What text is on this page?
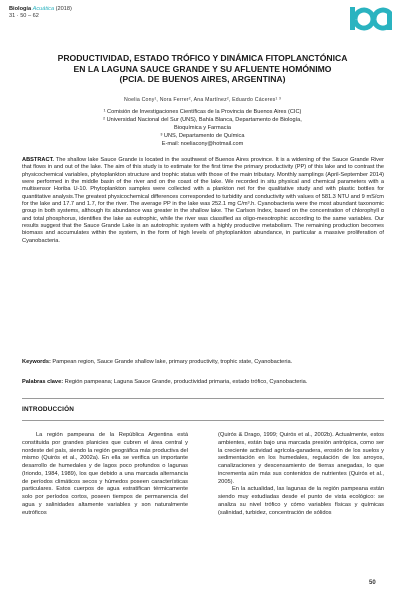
Biología Acuática (2018)
31 · 50 – 62
PRODUCTIVIDAD, ESTADO TRÓFICO Y DINÁMICA FITOPLANCTÓNICA
EN LA LAGUNA SAUCE GRANDE Y SU AFLUENTE HOMÓNIMO
(PCIA. DE BUENOS AIRES, ARGENTINA)
Noelia Cony¹, Nora Ferrer², Ana Martínez², Eduardo Cáceres¹ ³
¹ Comisión de Investigaciones Científicas de la Provincia de Buenos Aires (CIC)
² Universidad Nacional del Sur (UNS), Bahía Blanca, Departamento de Biología,
Bioquímica y Farmacia
³ UNS, Departamento de Química
E-mail: noeliacony@hotmail.com
ABSTRACT. The shallow lake Sauce Grande is located in the southwest of Buenos Aires province. It is a widening of the Sauce Grande River that flows in and out of the lake. The aim of this study is to estimate for the first time the primary productivity (PP) of this lake and to contrast the physicochemical variables, phytoplankton structure and trophic status with those of the main tributary. Monthly samplings (April-September 2014) were performed in the middle basin of the river and on the coast of the lake. We recorded in situ physical and chemical parameters with a multisensor Horiba U-10. Phytoplankton samples were collected with a plankton net for the qualitative study and with plastic bottles for quantitative analysis.The greatest physicochemical differences corresponded to turbidity and conductivity with values of 581.3 NTU and 9 mS/cm for the lake and 17.7 and 1.7, for the river. The average PP in the lake was 252.1 mg C/m³.h. Cyanobacteria were the most abundant taxonomic group in both systems, although its abundance was greater in the shallow lake. The Carlson Index, based on the concentration of chlorophyll α and total phosphorus, identifies the lake as eutrophic, while the river was classified as oligo-mesotrophic according to the same variables. Our results suggest that the Sauce Grande Lake is an autotrophic system with a highly productive metabolism. The remaining production becomes biomass and accumulates within the system, in the form of high levels of phytoplankton abundance, in particular a massive proliferation of Cyanobacteria.
Keywords: Pampean region, Sauce Grande shallow lake, primary productivity, trophic state, Cyanobacteria.
Palabras clave: Región pampeana; Laguna Sauce Grande, productividad primaria, estado trófico, Cyanobacteria.
INTRODUCCIÓN

La región pampeana de la República Argentina está constituida por grandes planicies que cubren el área central y nordeste del país, siendo la región geográfica más productiva del mismo (Quirós et al., 2002a). En ella se verifica un importante desarrollo de humedales y de lagos poco profundos o lagunas (Iriondo, 1984, 1989), los que debido a una marcada alternancia de períodos climáticos secos y húmedos poseen características particulares. Estos cuerpos de agua estratifican térmicamente solo por períodos cortos, poseen tiempos de permanencia del agua y salinidades altamente variables y son naturalmente eutróficos

(Quirós & Drago, 1999; Quirós et al., 2002b). Actualmente, estos ambientes, están bajo una marcada presión antrópica, como ser la creciente actividad agrícola-ganadera, erosión de los suelos y sedimentación en los humedales, regulación de los arroyos, canalizaciones y descensamiento de tierras anegadas, lo que incrementa aún más sus contenidos de nutrientes (Quirós et al., 2005).

En la actualidad, las lagunas de la región pampeana están siendo muy estudiadas desde el punto de vista ecológico: se analiza su nivel trófico y cómo variables físicas y químicas (salinidad, turbidez, concentración de sólidos

50
